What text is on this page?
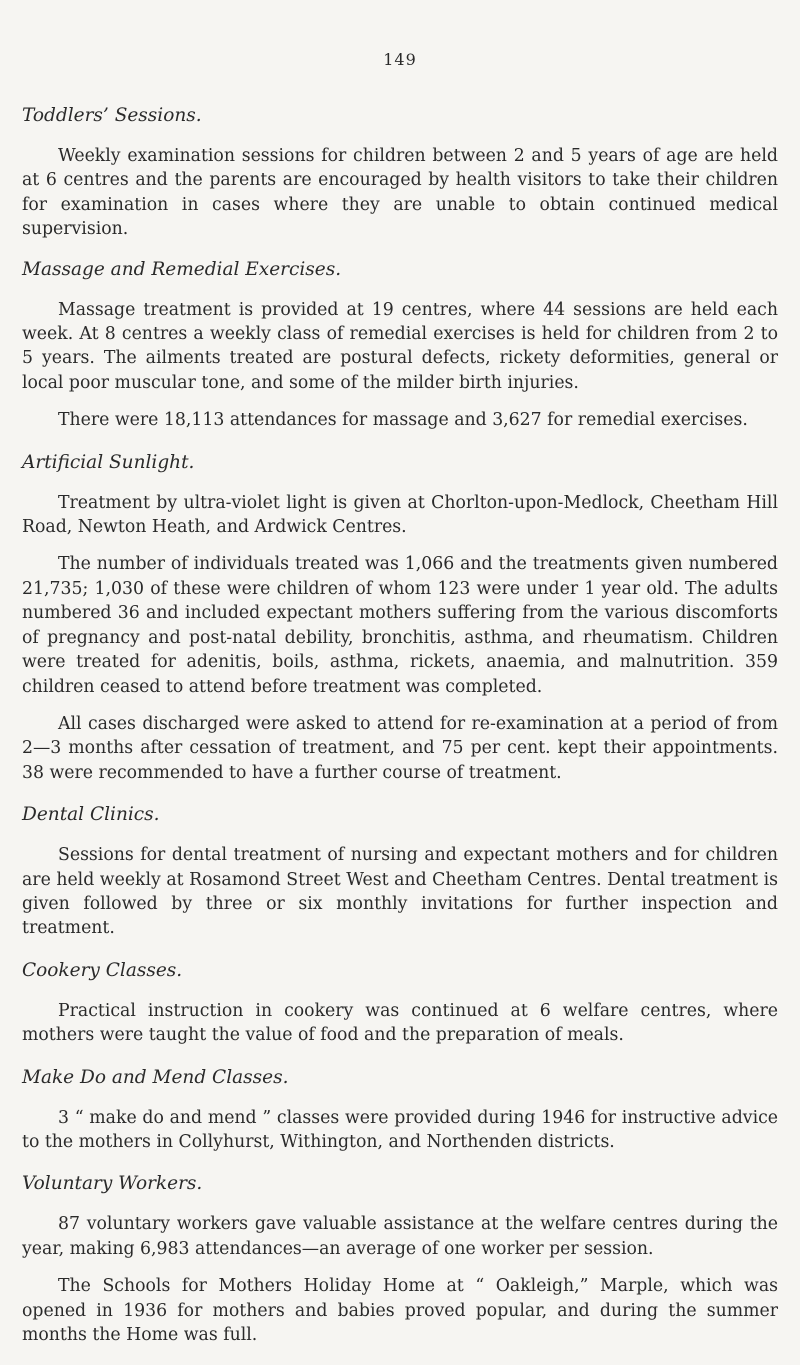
149
Toddlers’ Sessions.

Weekly examination sessions for children between 2 and 5 years of age are held at 6 centres and the parents are encouraged by health visitors to take their children for examination in cases where they are unable to obtain continued medical supervision.

Massage and Remedial Exercises.

Massage treatment is provided at 19 centres, where 44 sessions are held each week. At 8 centres a weekly class of remedial exercises is held for children from 2 to 5 years. The ailments treated are postural defects, rickety deformities, general or local poor muscular tone, and some of the milder birth injuries.

There were 18,113 attendances for massage and 3,627 for remedial exercises.

Artificial Sunlight.

Treatment by ultra-violet light is given at Chorlton-upon-Medlock, Cheetham Hill Road, Newton Heath, and Ardwick Centres.

The number of individuals treated was 1,066 and the treatments given numbered 21,735; 1,030 of these were children of whom 123 were under 1 year old. The adults numbered 36 and included expectant mothers suffering from the various discomforts of pregnancy and post-natal debility, bronchitis, asthma, and rheumatism. Children were treated for adenitis, boils, asthma, rickets, anaemia, and malnutrition. 359 children ceased to attend before treatment was completed.

All cases discharged were asked to attend for re-examination at a period of from 2—3 months after cessation of treatment, and 75 per cent. kept their appointments. 38 were recommended to have a further course of treatment.

Dental Clinics.

Sessions for dental treatment of nursing and expectant mothers and for children are held weekly at Rosamond Street West and Cheetham Centres. Dental treatment is given followed by three or six monthly invitations for further inspection and treatment.

Cookery Classes.

Practical instruction in cookery was continued at 6 welfare centres, where mothers were taught the value of food and the preparation of meals.

Make Do and Mend Classes.

3 “ make do and mend ” classes were provided during 1946 for instructive advice to the mothers in Collyhurst, Withington, and Northenden districts.

Voluntary Workers.

87 voluntary workers gave valuable assistance at the welfare centres during the year, making 6,983 attendances—an average of one worker per session.

The Schools for Mothers Holiday Home at “ Oakleigh,” Marple, which was opened in 1936 for mothers and babies proved popular, and during the summer months the Home was full.
